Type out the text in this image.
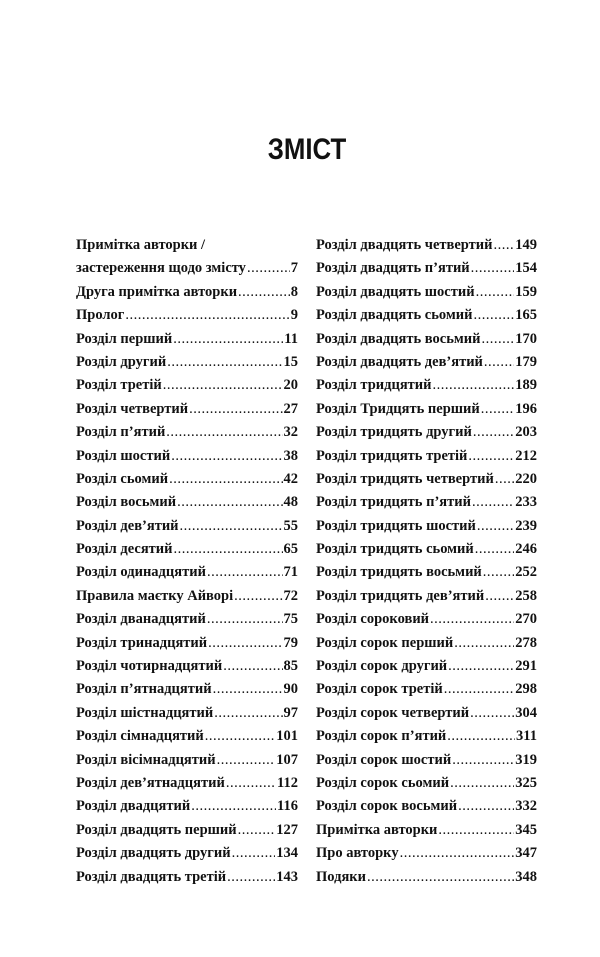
ЗМІСТ
Примітка авторки /
застереження щодо змісту .....	7
Друга примітка авторки .....	8
Пролог .....	9
Розділ перший .....	11
Розділ другий .....	15
Розділ третій .....	20
Розділ четвертий .....	27
Розділ п’ятий .....	32
Розділ шостий .....	38
Розділ сьомий .....	42
Розділ восьмий .....	48
Розділ дев’ятий .....	55
Розділ десятий .....	65
Розділ одинадцятий .....	71
Правила маєтку Айворі .....	72
Розділ дванадцятий .....	75
Розділ тринадцятий .....	79
Розділ чотирнадцятий .....	85
Розділ п’ятнадцятий .....	90
Розділ шістнадцятий .....	97
Розділ сімнадцятий .....	101
Розділ вісімнадцятий .....	107
Розділ дев’ятнадцятий .....	112
Розділ двадцятий .....	116
Розділ двадцять перший .....	127
Розділ двадцять другий .....	134
Розділ двадцять третій .....	143
Розділ двадцять четвертий ..... 149
Розділ двадцять п’ятий .....	154
Розділ двадцять шостий .....	159
Розділ двадцять сьомий .....	165
Розділ двадцять восьмий ..... 170
Розділ двадцять дев’ятий ..... 179
Розділ тридцятий .....	189
Розділ Тридцять перший ..... 196
Розділ тридцять другий .....	203
Розділ тридцять третій .....	212
Розділ тридцять четвертий ..... 220
Розділ тридцять п’ятий .....	233
Розділ тридцять шостий .....	239
Розділ тридцять сьомий .....	246
Розділ тридцять восьмий ..... 252
Розділ тридцять дев’ятий ..... 258
Розділ сороковий .....	270
Розділ сорок перший .....	278
Розділ сорок другий .....	291
Розділ сорок третій .....	298
Розділ сорок четвертий .....	304
Розділ сорок п’ятий .....	311
Розділ сорок шостий .....	319
Розділ сорок сьомий .....	325
Розділ сорок восьмий .....	332
Примітка авторки .....	345
Про авторку .....	347
Подяки .....	348
